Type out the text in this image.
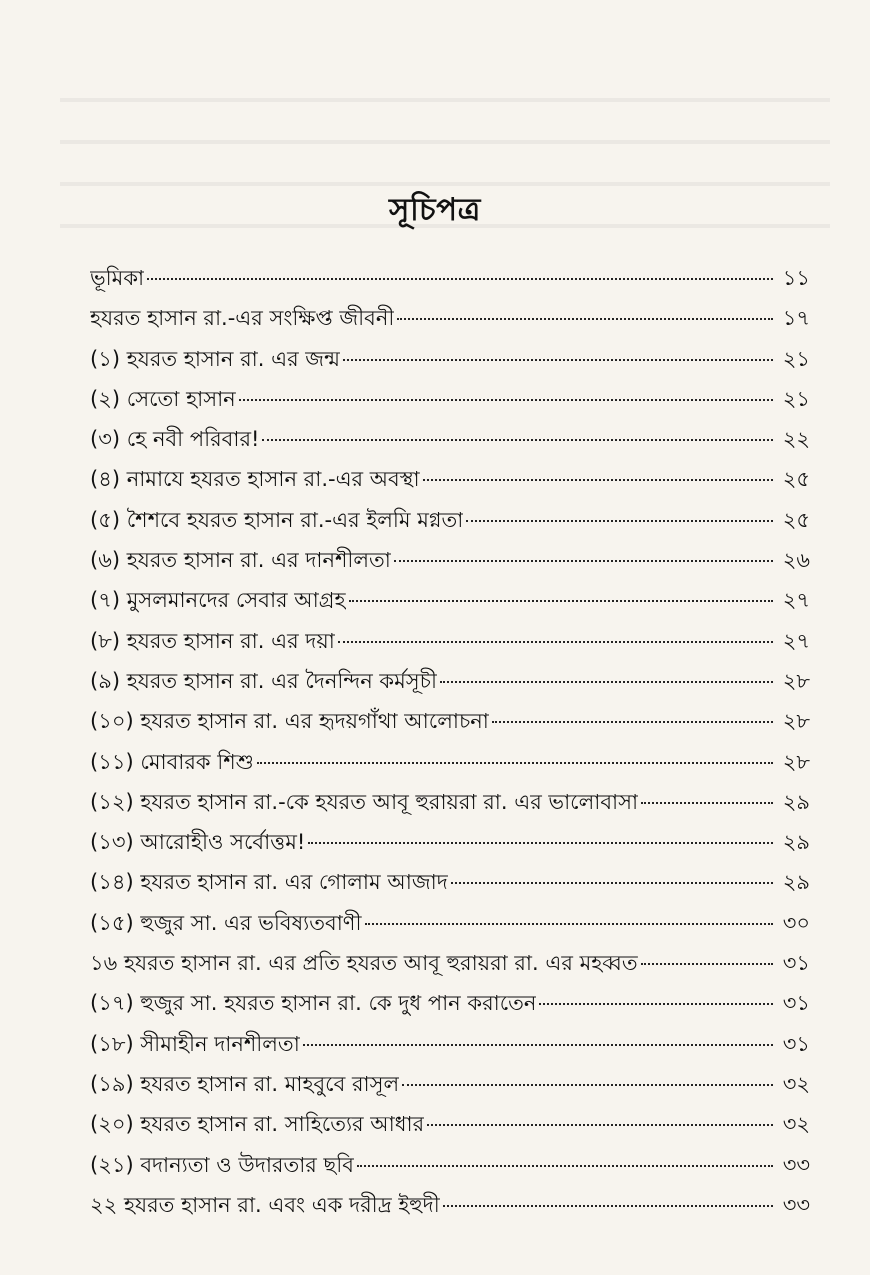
সূচিপত্র
ভূমিকা	১১
হযরত হাসান রা.-এর সংক্ষিপ্ত জীবনী	১৭
(১) হযরত হাসান রা. এর জন্ম	২১
(২) সেতো হাসান	২১
(৩) হে নবী পরিবার!	২২
(৪) নামাযে হযরত হাসান রা.-এর অবস্থা	২৫
(৫) শৈশবে হযরত হাসান রা.-এর ইলমি মগ্নতা	২৫
(৬) হযরত হাসান রা. এর দানশীলতা	২৬
(৭) মুসলমানদের সেবার আগ্রহ	২৭
(৮) হযরত হাসান রা. এর দয়া	২৭
(৯) হযরত হাসান রা. এর দৈনন্দিন কর্মসূচী	২৮
(১০) হযরত হাসান রা. এর হৃদয়গাঁথা আলোচনা	২৮
(১১) মোবারক শিশু	২৮
(১২) হযরত হাসান রা.-কে হযরত আবূ হুরায়রা রা. এর ভালোবাসা	২৯
(১৩) আরোহীও সর্বোত্তম!	২৯
(১৪) হযরত হাসান রা. এর গোলাম আজাদ	২৯
(১৫) হুজুর সা. এর ভবিষ্যতবাণী	৩০
১৬ হযরত হাসান রা. এর প্রতি হযরত আবূ হুরায়রা রা. এর মহব্বত	৩১
(১৭) হুজুর সা. হযরত হাসান রা. কে দুধ পান করাতেন	৩১
(১৮) সীমাহীন দানশীলতা	৩১
(১৯) হযরত হাসান রা. মাহবুবে রাসূল	৩২
(২০) হযরত হাসান রা. সাহিত্যের আধার	৩২
(২১) বদান্যতা ও উদারতার ছবি	৩৩
২২ হযরত হাসান রা. এবং এক দরীদ্র ইহুদী	৩৩
